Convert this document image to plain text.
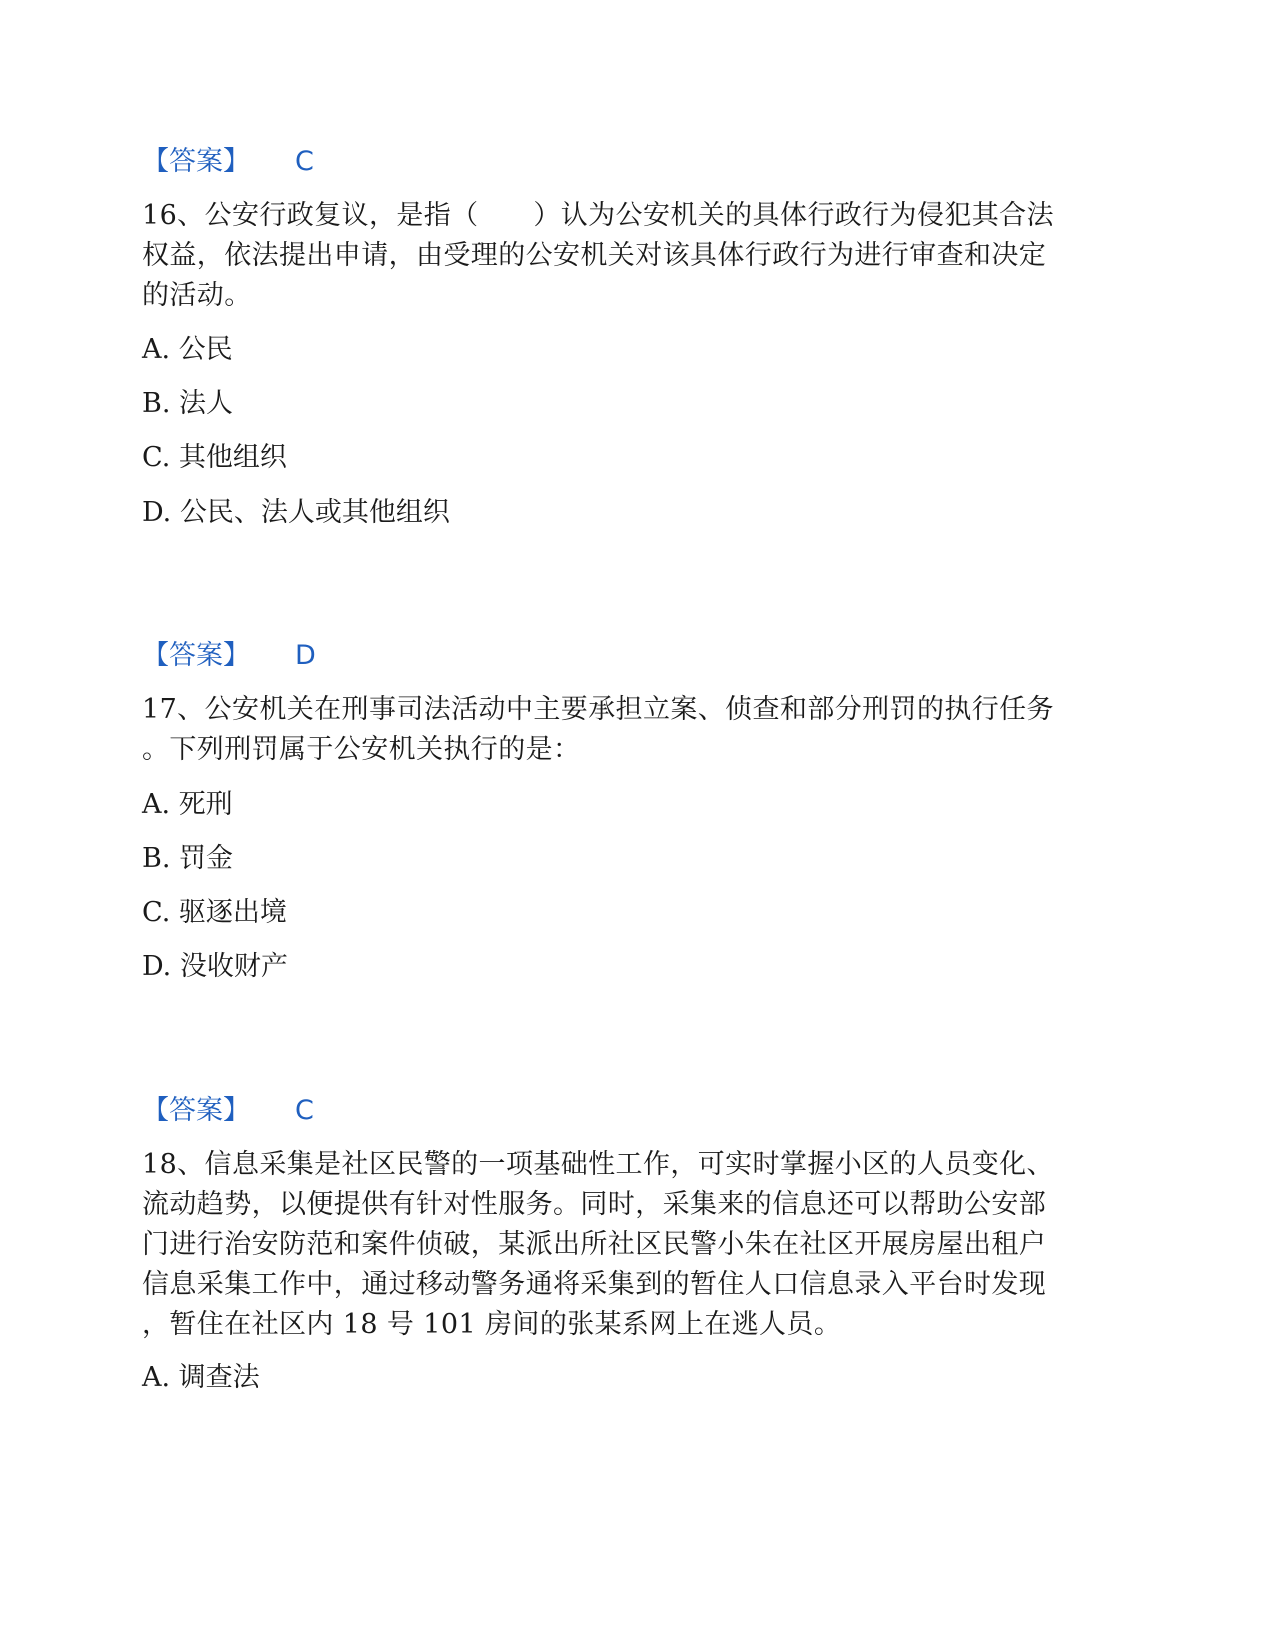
【答案】 C
16、公安行政复议，是指（　　）认为公安机关的具体行政行为侵犯其合法
权益，依法提出申请，由受理的公安机关对该具体行政行为进行审查和决定
的活动。
A. 公民
B. 法人
C. 其他组织
D. 公民、法人或其他组织
【答案】 D
17、公安机关在刑事司法活动中主要承担立案、侦查和部分刑罚的执行任务
。下列刑罚属于公安机关执行的是：
A. 死刑
B. 罚金
C. 驱逐出境
D. 没收财产
【答案】 C
18、信息采集是社区民警的一项基础性工作，可实时掌握小区的人员变化、
流动趋势，以便提供有针对性服务。同时，采集来的信息还可以帮助公安部
门进行治安防范和案件侦破，某派出所社区民警小朱在社区开展房屋出租户
信息采集工作中，通过移动警务通将采集到的暂住人口信息录入平台时发现
，暂住在社区内 18 号 101 房间的张某系网上在逃人员。
A. 调查法
